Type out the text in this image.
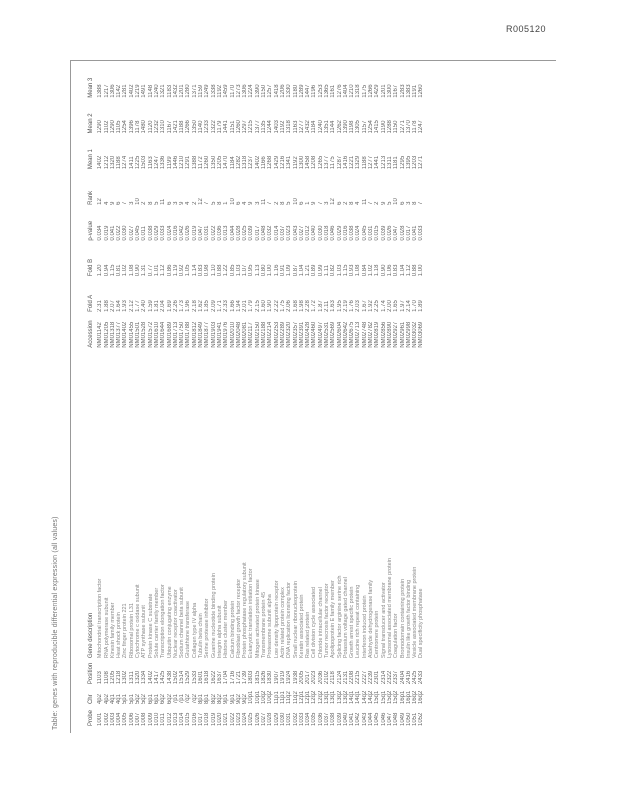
R005120
Table: genes with reproducible differential expression (all values)	Probe	Chr	Position	Gene description	Accession	Fold A	Fold B	p-value	Rank	Mean 1	Mean 2	Mean 3
1001	4p2	1103	Mitochondrial transcription factor	NM01142	2.31	1.20	0.034	12	1402	1290	1388
1002	4p2	1108	RNA polymerase subunit	NM01205	1.88	0.94	0.019	4	1212	1102	1217
1003	4q1	1205	Kinesin family member	NM01318	2.07	1.15	0.041	9	1320	1290	1306
1004	4q1	1218	Heat shock protein	NM01377	1.64	0.81	0.022	6	1188	1105	1142
1005	5p1	1302	Zinc finger protein 221	NM01402	1.93	1.02	0.030	7	1274	1254	1281
1006	5p1	1311	Ribosomal protein L31	NM01455	2.12	1.08	0.027	3	1411	1396	1402
1007	5q2	1320	Cytochrome c oxidase subunit	NM01501	1.77	0.90	0.045	10	1225	1178	1219
1008	5q2	1334	ATP synthase subunit	NM01528	2.40	1.31	0.011	2	1503	1480	1491
1009	6p1	1402	Protein kinase C substrate	NM01572	1.59	0.77	0.038	8	1163	1120	1148
1010	6p1	1417	Solute carrier family member	NM01610	1.81	1.01	0.029	5	1247	1232	1240
1011	6q2	1425	Transcription elongation factor	NM01644	2.04	1.12	0.033	11	1336	1310	1321
1012	6q2	1438	Ubiquitin conjugating enzyme	NM01689	1.69	0.86	0.024	6	1199	1167	1183
1013	7p1	1502	Nuclear receptor coactivator	NM01713	2.26	1.19	0.016	3	1446	1421	1432
1014	7p1	1514	Sodium channel beta subunit	NM01750	1.73	0.92	0.042	9	1210	1188	1201
1015	7q2	1529	Glutathione transferase	NM01788	1.96	1.05	0.026	4	1291	1266	1280
1016	7q2	1533	Collagen type IV alpha	NM01812	2.18	1.14	0.019	2	1388	1350	1371
1017	8p1	1601	Tubulin beta chain	NM01849	1.62	0.83	0.047	12	1172	1140	1159
1018	8p1	1618	Serine protease inhibitor	NM01877	1.85	0.98	0.031	7	1260	1233	1249
1019	8q2	1622	Guanine nucleotide binding protein	NM01903	2.09	1.10	0.022	5	1350	1322	1338
1020	8q2	1637	Integrin alpha subunit	NM01941	1.71	0.88	0.036	8	1205	1179	1192
1021	9p1	1704	Histone cluster member	NM01976	2.33	1.22	0.013	1	1470	1441	1459
1022	9p1	1716	Calcium binding protein	NM02010	1.66	0.85	0.044	10	1184	1151	1170
1023	9q2	1721	Fibroblast growth factor receptor	NM02048	1.94	1.03	0.028	6	1282	1260	1273
1024	9q2	1739	Protein phosphatase regulatory subunit	NM02081	2.01	1.07	0.025	4	1318	1297	1306
1025	10p1	1803	Eukaryotic translation initiation factor	NM02117	1.79	0.95	0.039	9	1237	1215	1224
1026	10p1	1815	Mitogen activated protein kinase	NM02150	2.15	1.13	0.017	3	1402	1377	1390
1027	10q2	1826	Transmembrane protein 45	NM02188	1.60	0.80	0.048	11	1166	1135	1150
1028	10q2	1830	Proteasome subunit alpha	NM02214	1.90	1.00	0.032	7	1268	1244	1257
1029	11p1	1907	Low density lipoprotein receptor	NM02253	2.22	1.16	0.014	2	1429	1403	1418
1030	11p1	1919	Actin related protein complex	NM02289	1.75	0.91	0.037	8	1216	1192	1206
1031	11q2	1924	DNA replication licensing factor	NM02320	2.06	1.09	0.023	5	1341	1318	1330
1032	11q2	1938	Small nuclear ribonucleoprotein	NM02357	1.68	0.87	0.043	10	1192	1163	1180
1033	12p1	2005	Keratin associated protein	NM02391	1.98	1.04	0.027	6	1300	1277	1289
1034	12p1	2017	Ras related protein	NM02428	2.28	1.21	0.012	1	1458	1432	1447
1035	12q2	2023	Cell division cycle associated	NM02460	1.72	0.89	0.040	9	1208	1184	1196
1036	12q2	2036	Chloride intracellular channel	NM02497	1.87	0.99	0.030	7	1265	1240	1253
1037	13q1	2102	Tumor necrosis factor receptor	NM02531	2.11	1.11	0.018	3	1377	1351	1365
1038	13q1	2118	Apolipoprotein E family member	NM02569	1.63	0.82	0.046	12	1175	1144	1161
1039	13q2	2124	Splicing factor arginine serine rich	NM02604	1.95	1.03	0.029	6	1287	1262	1276
1040	13q2	2131	Potassium voltage gated channel	NM02642	2.19	1.15	0.016	2	1416	1390	1404
1041	14q1	2208	Growth arrest specific protein	NM02675	1.76	0.93	0.038	8	1221	1198	1210
1042	14q1	2215	Leucine rich repeat containing	NM02713	2.03	1.08	0.024	4	1329	1305	1318
1043	14q2	2227	Interferon induced protein	NM02748	1.67	0.84	0.045	11	1188	1157	1175
1044	14q2	2239	Aldehyde dehydrogenase family	NM02782	1.92	1.02	0.031	7	1277	1254	1266
1045	15q1	2301	Centromere protein	NM02819	2.25	1.18	0.015	2	1441	1415	1429
1046	15q1	2314	Signal transducer and activator	NM02856	1.74	0.90	0.039	9	1213	1190	1201
1047	15q2	2322	Lysosomal associated membrane protein	NM02890	2.00	1.06	0.026	5	1311	1288	1300
1048	15q2	2337	Coagulation factor	NM02927	1.65	0.83	0.047	10	1181	1150	1167
1049	16p1	2404	Bromodomain containing protein	NM02961	1.97	1.04	0.028	6	1295	1271	1283
1050	16p1	2416	Insulin like growth factor binding	NM02998	2.14	1.12	0.017	3	1395	1370	1383
1051	16q2	2425	Vesicle associated membrane protein	NM03032	1.70	0.88	0.041	8	1203	1178	1191
1052	16q2	2433	Dual specificity phosphatase	NM03069	1.89	1.00	0.033	7	1271	1247	1260
